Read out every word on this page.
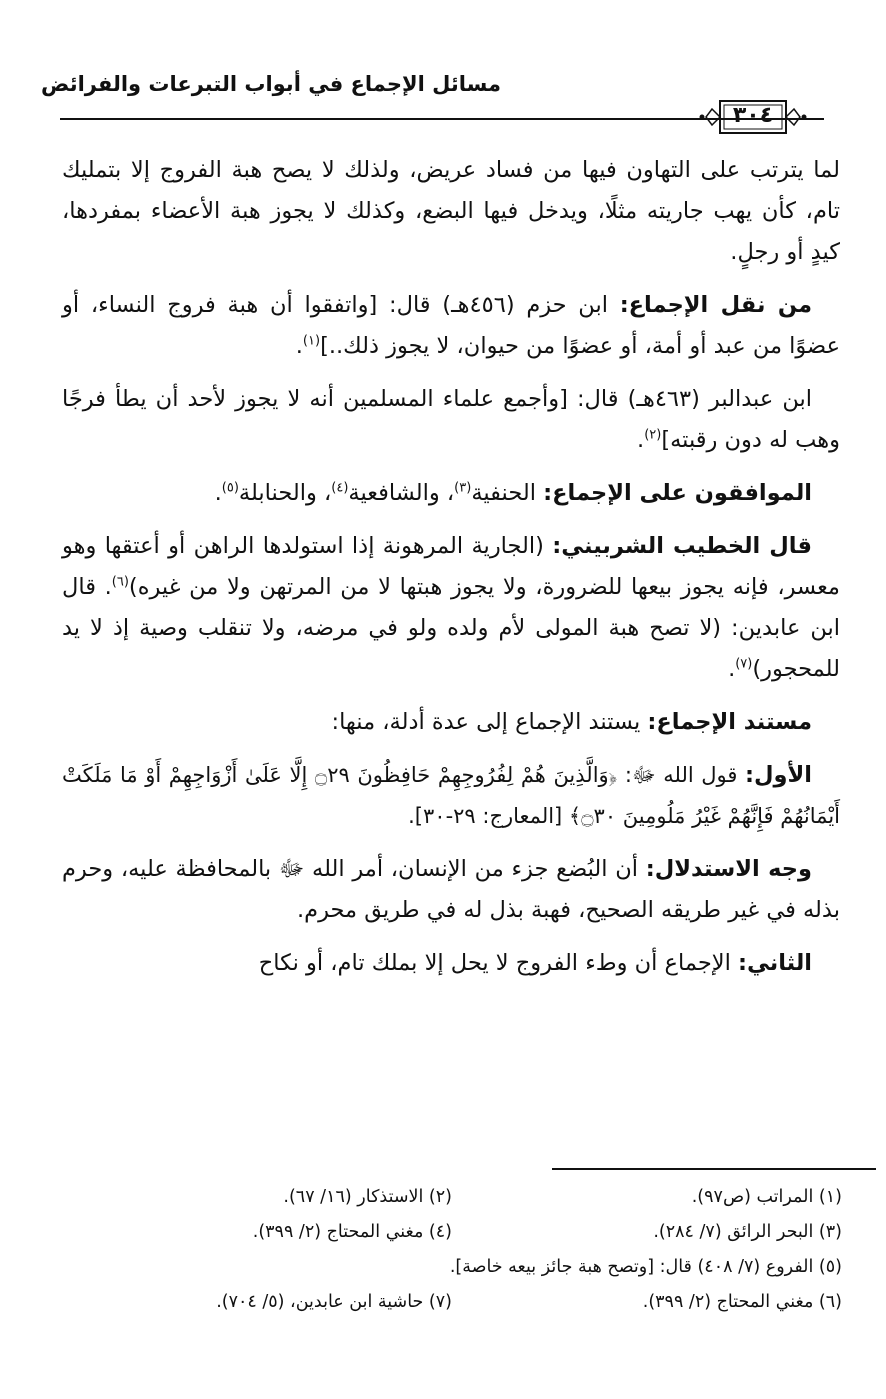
مسائل الإجماع في أبواب التبرعات والفرائض
٣٠٤

لما يترتب على التهاون فيها من فساد عريض، ولذلك لا يصح هبة الفروج إلا بتمليك تام، كأن يهب جاريته مثلًا، ويدخل فيها البضع، وكذلك لا يجوز هبة الأعضاء بمفردها، كيدٍ أو رجلٍ.

من نقل الإجماع: ابن حزم (٤٥٦هـ) قال: [واتفقوا أن هبة فروج النساء، أو عضوًا من عبد أو أمة، أو عضوًا من حيوان، لا يجوز ذلك..]$^{(١)}$.

ابن عبدالبر (٤٦٣هـ) قال: [وأجمع علماء المسلمين أنه لا يجوز لأحد أن يطأ فرجًا وهب له دون رقبته]$^{(٢)}$.

الموافقون على الإجماع: الحنفية$^{(٣)}$، والشافعية$^{(٤)}$، والحنابلة$^{(٥)}$.

قال الخطيب الشربيني: (الجارية المرهونة إذا استولدها الراهن أو أعتقها وهو معسر، فإنه يجوز بيعها للضرورة، ولا يجوز هبتها لا من المرتهن ولا من غيره)$^{(٦)}$. قال ابن عابدين: (لا تصح هبة المولى لأم ولده ولو في مرضه، ولا تنقلب وصية إذ لا يد للمحجور)$^{(٧)}$.

مستند الإجماع: يستند الإجماع إلى عدة أدلة، منها:

الأول: قول الله ﷻ: ﴿وَالَّذِينَ هُمْ لِفُرُوجِهِمْ حَافِظُونَ ۝٢٩ إِلَّا عَلَىٰ أَزْوَاجِهِمْ أَوْ مَا مَلَكَتْ أَيْمَانُهُمْ فَإِنَّهُمْ غَيْرُ مَلُومِينَ ۝٣٠﴾ [المعارج: ٢٩-٣٠].

وجه الاستدلال: أن البُضع جزء من الإنسان، أمر الله ﷻ بالمحافظة عليه، وحرم بذله في غير طريقه الصحيح، فهبة بذل له في طريق محرم.

الثاني: الإجماع أن وطء الفروج لا يحل إلا بملك تام، أو نكاح

(١) المراتب (ص٩٧).
(٢) الاستذكار (١٦/ ٦٧).
(٣) البحر الرائق (٧/ ٢٨٤).
(٤) مغني المحتاج (٢/ ٣٩٩).
(٥) الفروع (٧/ ٤٠٨) قال: [وتصح هبة جائز بيعه خاصة].
(٦) مغني المحتاج (٢/ ٣٩٩).
(٧) حاشية ابن عابدين، (٥/ ٧٠٤).
